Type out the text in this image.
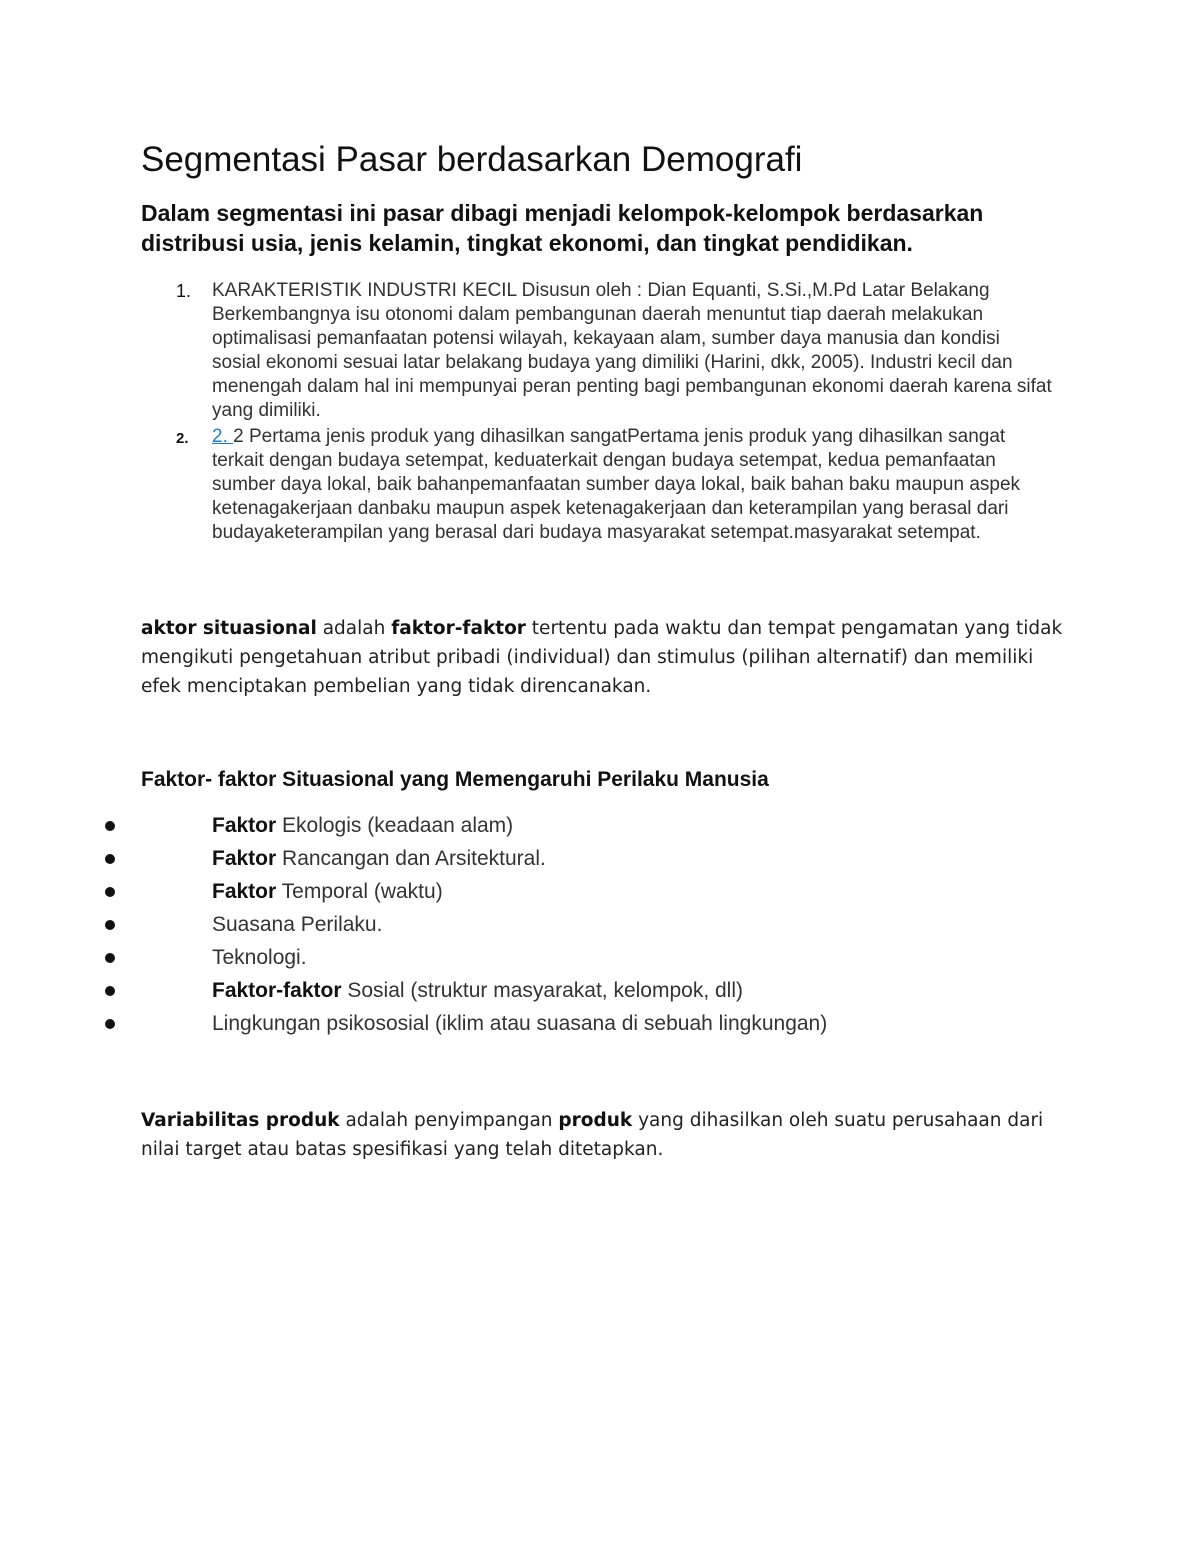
Segmentasi Pasar berdasarkan Demografi

Dalam segmentasi ini pasar dibagi menjadi kelompok-kelompok berdasarkan distribusi usia, jenis kelamin, tingkat ekonomi, dan tingkat pendidikan.

1. KARAKTERISTIK INDUSTRI KECIL Disusun oleh : Dian Equanti, S.Si.,M.Pd Latar Belakang Berkembangnya isu otonomi dalam pembangunan daerah menuntut tiap daerah melakukan optimalisasi pemanfaatan potensi wilayah, kekayaan alam, sumber daya manusia dan kondisi sosial ekonomi sesuai latar belakang budaya yang dimiliki (Harini, dkk, 2005). Industri kecil dan menengah dalam hal ini mempunyai peran penting bagi pembangunan ekonomi daerah karena sifat yang dimiliki.
2. 2. 2 Pertama jenis produk yang dihasilkan sangatPertama jenis produk yang dihasilkan sangat terkait dengan budaya setempat, keduaterkait dengan budaya setempat, kedua pemanfaatan sumber daya lokal, baik bahanpemanfaatan sumber daya lokal, baik bahan baku maupun aspek ketenagakerjaan danbaku maupun aspek ketenagakerjaan dan keterampilan yang berasal dari budayaketerampilan yang berasal dari budaya masyarakat setempat.masyarakat setempat.

aktor situasional adalah faktor-faktor tertentu pada waktu dan tempat pengamatan yang tidak mengikuti pengetahuan atribut pribadi (individual) dan stimulus (pilihan alternatif) dan memiliki efek menciptakan pembelian yang tidak direncanakan.

Faktor- faktor Situasional yang Memengaruhi Perilaku Manusia
Faktor Ekologis (keadaan alam)
Faktor Rancangan dan Arsitektural.
Faktor Temporal (waktu)
Suasana Perilaku.
Teknologi.
Faktor-faktor Sosial (struktur masyarakat, kelompok, dll)
Lingkungan psikososial (iklim atau suasana di sebuah lingkungan)

Variabilitas produk adalah penyimpangan produk yang dihasilkan oleh suatu perusahaan dari nilai target atau batas spesifikasi yang telah ditetapkan.
